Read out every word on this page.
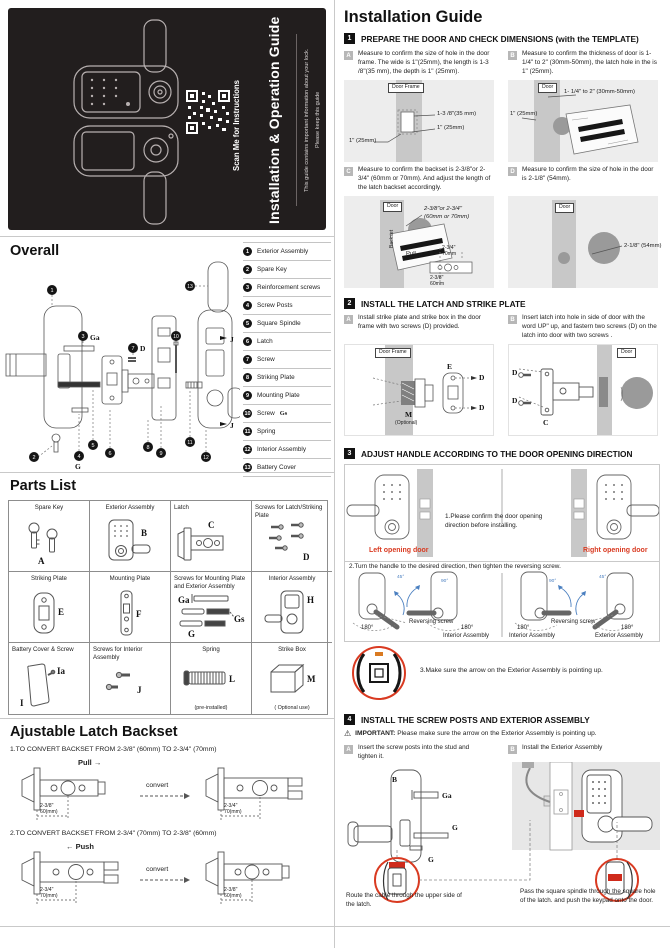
Scan Me for Instructions Installation & Operation Guide	This guide contains important information about your lock. Please keep this guide
Overall
1
2
3
4
5
6
7
8
9
10
11
12
13
Ga
D
G
J
J
1	Exterior Assembly
2	Spare Key
3	Reinforcement screws
4	Screw Posts
5	Square Spindle
6	Latch
7	Screw
8	Striking Plate
9	Mounting Plate
10 Screw Gs
11 Spring
12 Interior Assembly
13 Battery Cover
Parts List
Spare Key
A
Exterior Assembly
B
Latch
C
Screws for Latch/Striking Plate
D
Striking Plate
E
Mounting Plate
F
Screws for Mounting Plate and Exterior Assembly
Ga
Gs
G
Interior Assembly
H
Battery Cover & Screw
Ia
I
Screws for Interior Assembly
J
Spring
L
(pre-installed)
Strike Box
M
( Optional use)
Ajustable Latch Backset
1.TO CONVERT BACKSET FROM 2-3/8" (60mm) TO 2-3/4" (70mm)
Pull →
convert
2-3/8"
60(mm)
2-3/4"
70(mm)
2.TO CONVERT BACKSET FROM 2-3/4" (70mm) TO 2-3/8" (60mm)
← Push
convert
2-3/4"
70(mm)
2-3/8"
60(mm)
Installation Guide
1	PREPARE THE DOOR AND CHECK DIMENSIONS (with the TEMPLATE)
A	Measure to confirm the size of hole in the door frame. The wide is 1"(25mm), the length is 1-3 /8"(35 mm), the depth is 1" (25mm).
B	Measure to confirm the thickness of door is 1- 1/4" to 2" (30mm-50mm), the latch hole in the is 1" (25mm).
Door Frame
1-3 /8"(35 mm)
1" (25mm)
1" (25mm)
Door
1- 1/4" to 2" (30mm-50mm)
1" (25mm)
C	Measure to confirm the backset is 2-3/8"or 2-3/4" (60mm or 70mm). And adjust the length of the latch backset accordingly.
D	Measure to confirm the size of hole in the door is 2-1/8" (54mm).
Door	2-3/8"or 2-3/4"
(60mm or 70mm)
Backset
Pull →
2-3/4"
70mm
2-3/8"
60mm
Door
2-1/8" (54mm)
2	INSTALL THE LATCH AND STRIKE PLATE
A	Install strike plate and strike box in the door frame with two screws (D) provided.
B	Insert latch into hole in side of door with the word UP" up, and fastern two screws (D) on the latch into door with two screws .
Door Frame
E
D
D
M
(Optional)
D
D
C
Door
3	ADJUST HANDLE ACCORDING TO THE DOOR OPENING DIRECTION
1.Please confirm the door opening direction before installing.
Left opening door	Right opening door
2.Turn the handle to the desired direction, then tighten the reversing screw.
45°
90°	90°
45°
Reversing screw	Reversing screw
180°	180°	180°	180°
Interior Assembly	Interior Assembly	Exterior Assembly
3.Make sure the arrow on the Exterior Assembly is pointing up.
4	INSTALL THE SCREW POSTS AND EXTERIOR ASSEMBLY
⚠ IMPORTANT: Please make sure the arrow on the Exterior Assembly is pointing up.
A	Insert the screw posts into the stud and tighten it.
B	Install the Exterior Assembly
B
Ga
G
G
Route the cable through the upper side of the latch.
Pass the square spindle through the square hole of the latch. and push the keypad onto the door.
